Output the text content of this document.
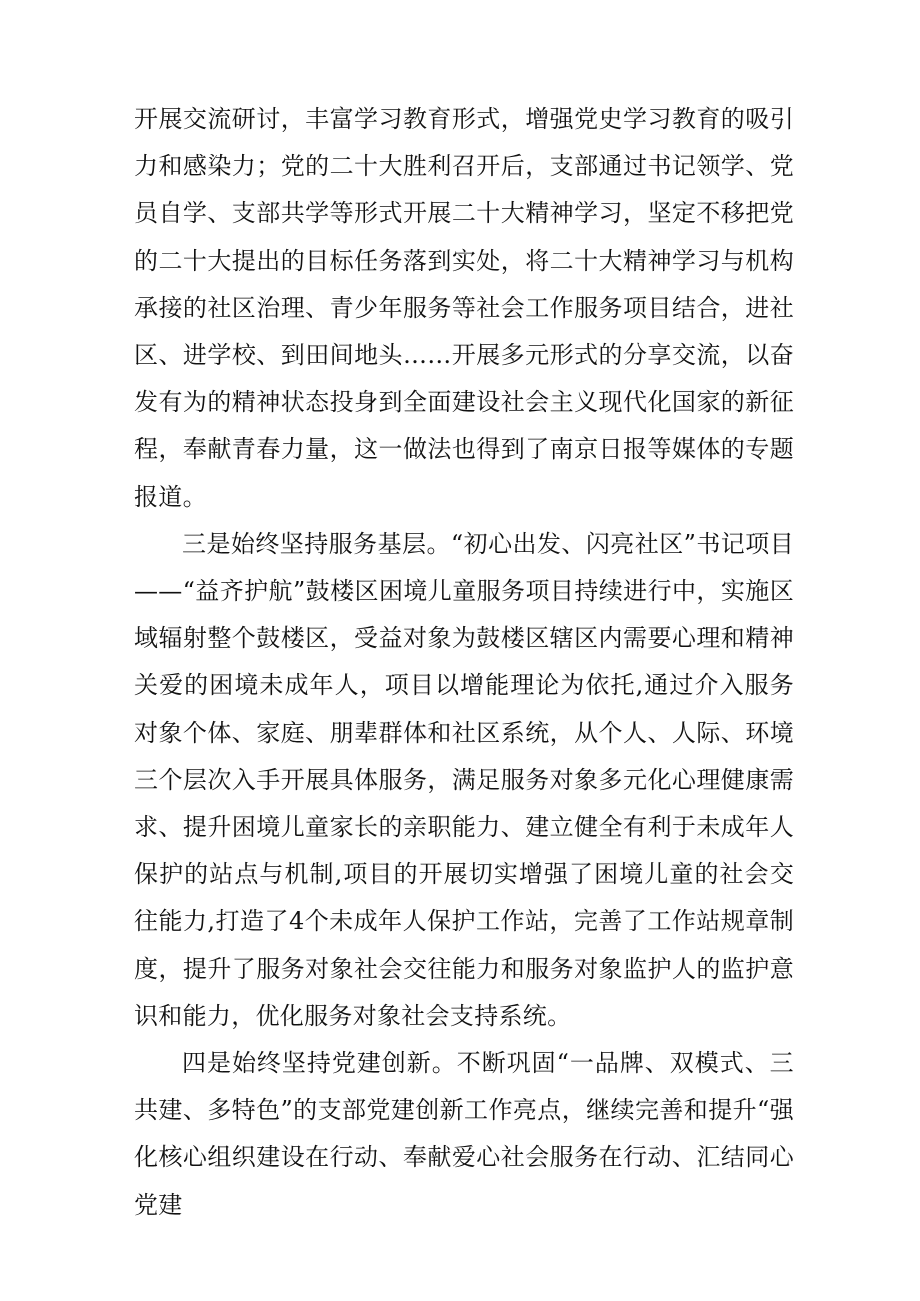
开展交流研讨，丰富学习教育形式，增强党史学习教育的吸引力和感染力；党的二十大胜利召开后，支部通过书记领学、党员自学、支部共学等形式开展二十大精神学习，坚定不移把党的二十大提出的目标任务落到实处，将二十大精神学习与机构承接的社区治理、青少年服务等社会工作服务项目结合，进社区、进学校、到田间地头……开展多元形式的分享交流，以奋发有为的精神状态投身到全面建设社会主义现代化国家的新征程，奉献青春力量，这一做法也得到了南京日报等媒体的专题报道。

三是始终坚持服务基层。“初心出发、闪亮社区”书记项目——“益齐护航”鼓楼区困境儿童服务项目持续进行中，实施区域辐射整个鼓楼区，受益对象为鼓楼区辖区内需要心理和精神关爱的困境未成年人，项目以增能理论为依托,通过介入服务对象个体、家庭、朋辈群体和社区系统，从个人、人际、环境三个层次入手开展具体服务，满足服务对象多元化心理健康需求、提升困境儿童家长的亲职能力、建立健全有利于未成年人保护的站点与机制,项目的开展切实增强了困境儿童的社会交往能力,打造了4个未成年人保护工作站，完善了工作站规章制度，提升了服务对象社会交往能力和服务对象监护人的监护意识和能力，优化服务对象社会支持系统。

四是始终坚持党建创新。不断巩固“一品牌、双模式、三共建、多特色”的支部党建创新工作亮点，继续完善和提升“强化核心组织建设在行动、奉献爱心社会服务在行动、汇结同心党建
